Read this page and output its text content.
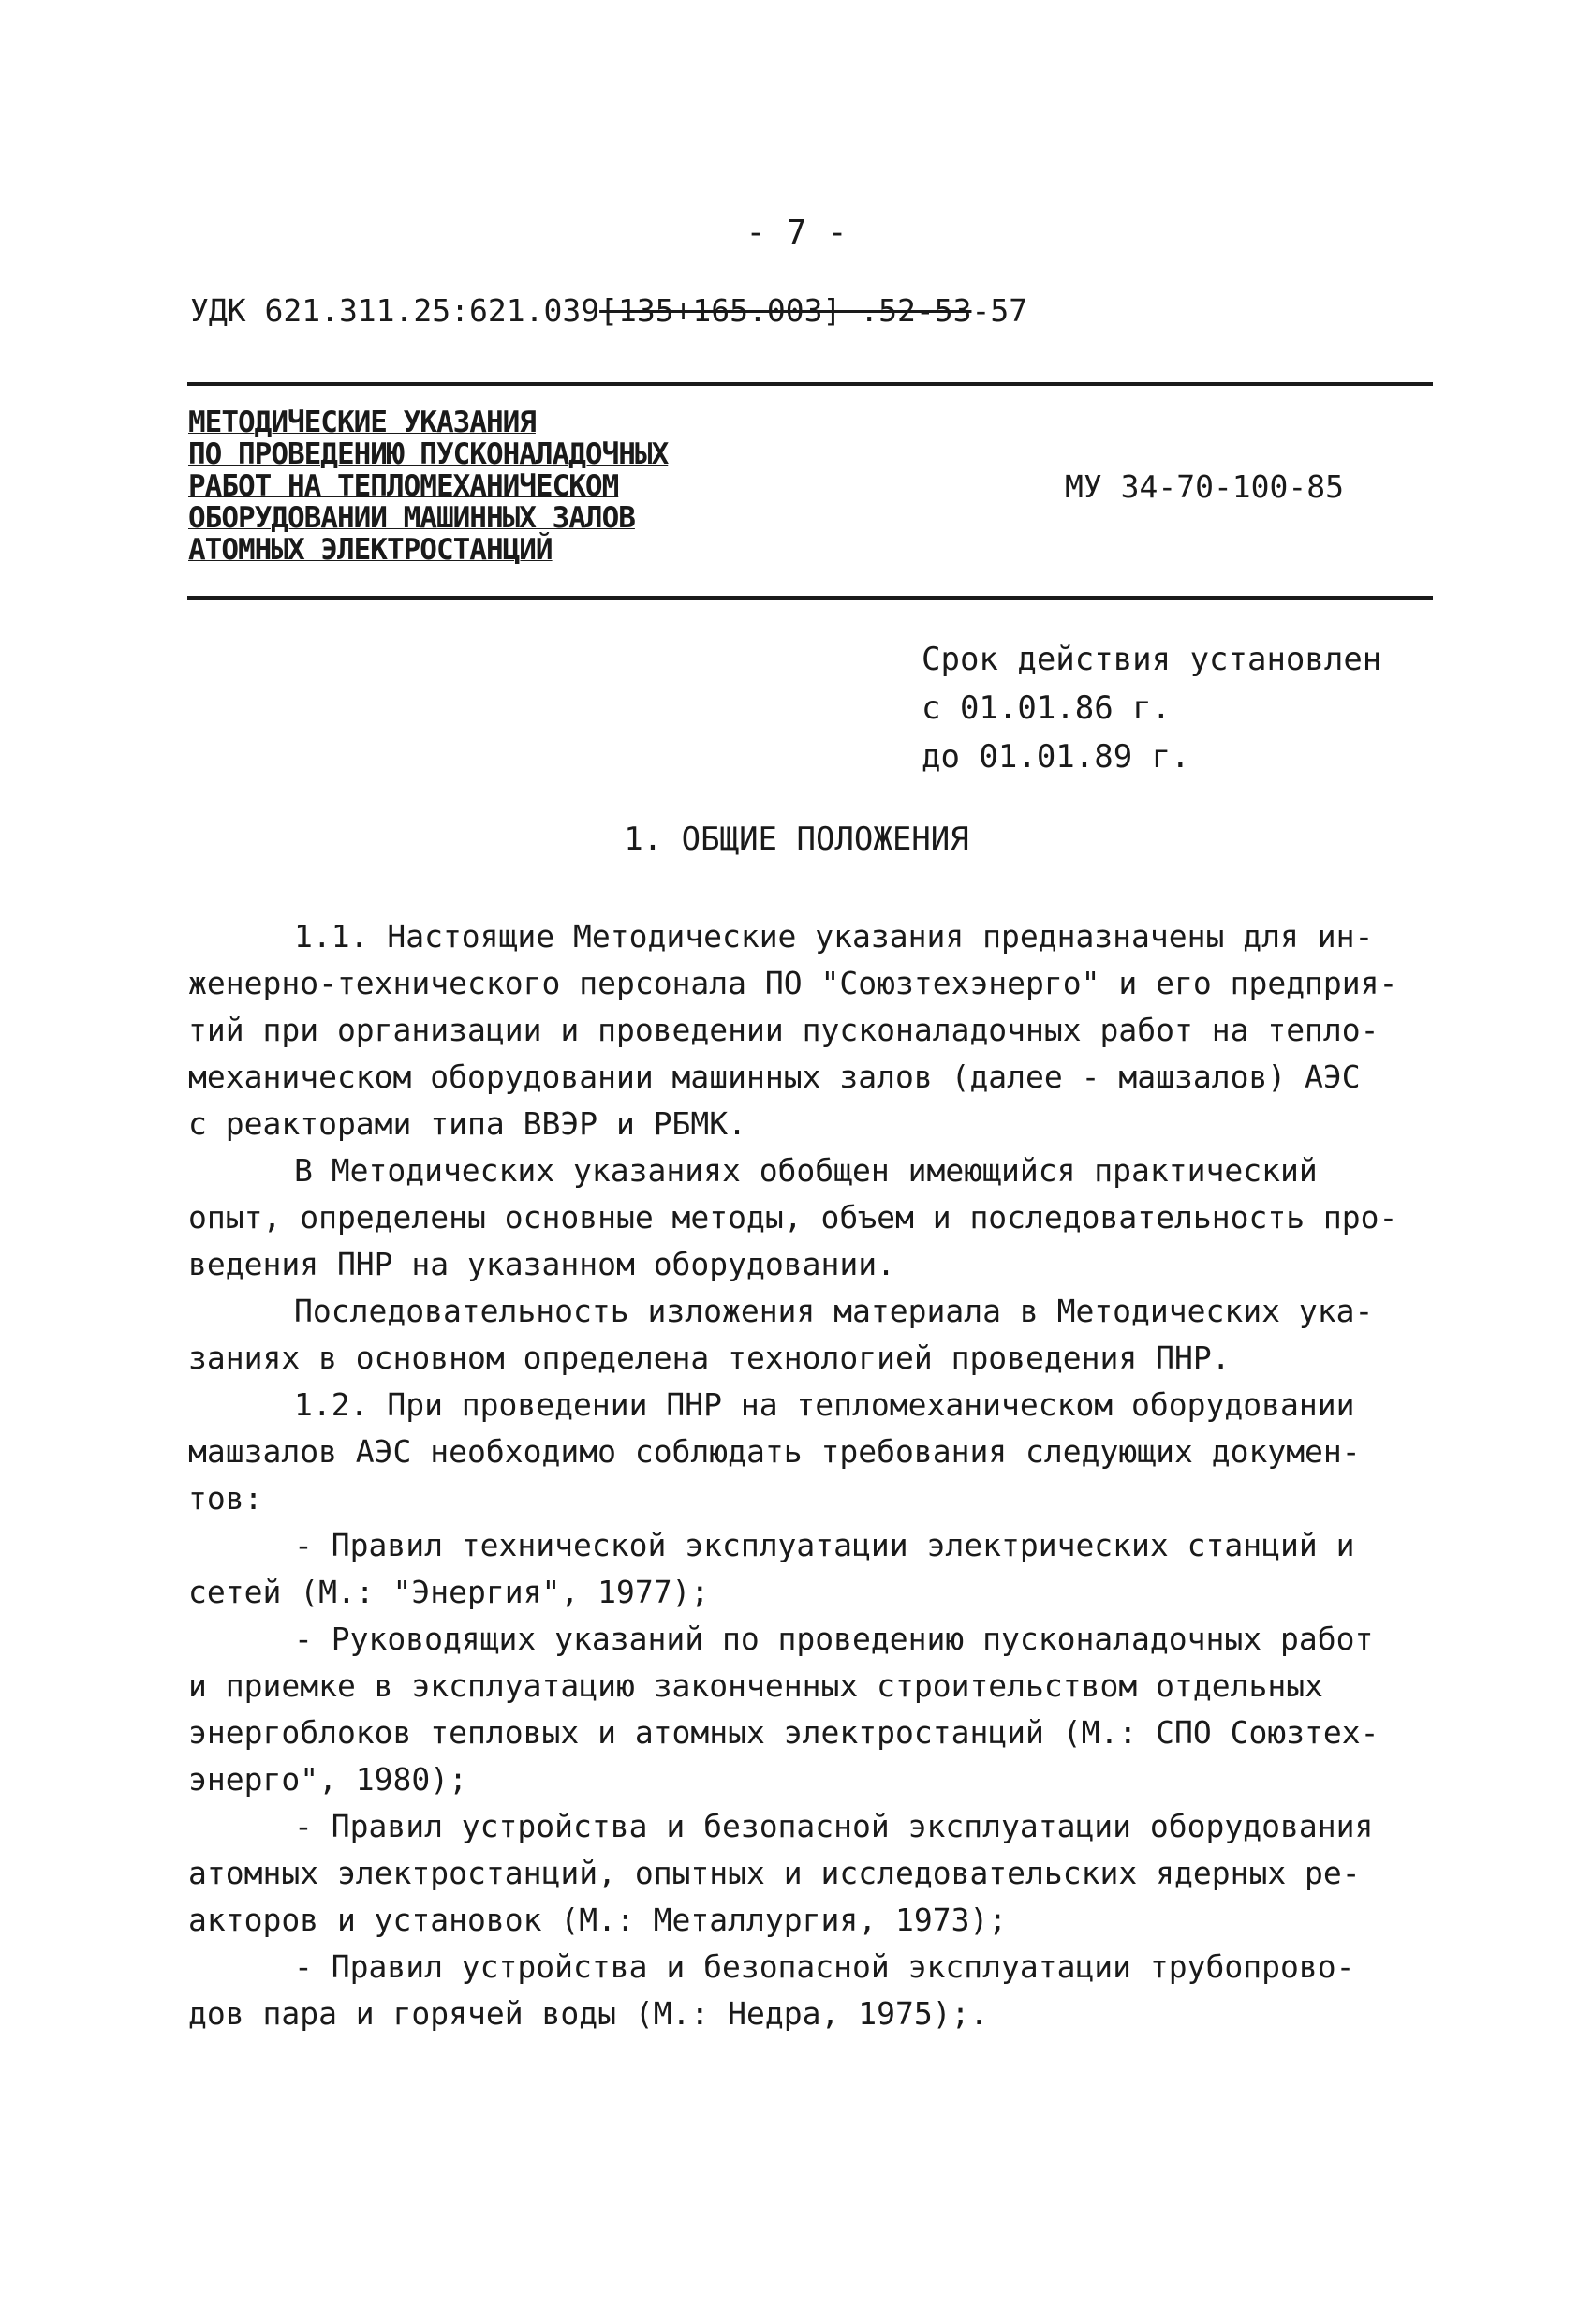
- 7 -
УДК 621.311.25:621.039[135+165.003] .52-53-57
МЕТОДИЧЕСКИЕ УКАЗАНИЯ
ПО ПРОВЕДЕНИЮ ПУСКОНАЛАДОЧНЫХ
РАБОТ НА ТЕПЛОМЕХАНИЧЕСКОМ
ОБОРУДОВАНИИ МАШИННЫХ ЗАЛОВ
АТОМНЫХ ЭЛЕКТРОСТАНЦИЙ
МУ 34-70-100-85
Срок действия установлен
с 01.01.86 г.
до 01.01.89 г.
1. ОБЩИЕ ПОЛОЖЕНИЯ
1.1. Настоящие Методические указания предназначены для ин-
женерно-технического персонала ПО "Союзтехэнерго" и его предприя-
тий при организации и проведении пусконаладочных работ на тепло-
механическом оборудовании машинных залов (далее - машзалов) АЭС
с реакторами типа ВВЭР и РБМК.
В Методических указаниях обобщен имеющийся практический
опыт, определены основные методы, объем и последовательность про-
ведения ПНР на указанном оборудовании.
Последовательность изложения материала в Методических ука-
заниях в основном определена технологией проведения ПНР.
1.2. При проведении ПНР на тепломеханическом оборудовании
машзалов АЭС необходимо соблюдать требования следующих докумен-
тов:
- Правил технической эксплуатации электрических станций и
сетей (М.: "Энергия", 1977);
- Руководящих указаний по проведению пусконаладочных работ
и приемке в эксплуатацию законченных строительством отдельных
энергоблоков тепловых и атомных электростанций (М.: СПО Союзтех-
энерго", 1980);
- Правил устройства и безопасной эксплуатации оборудования
атомных электростанций, опытных и исследовательских ядерных ре-
акторов и установок (М.: Металлургия, 1973);
- Правил устройства и безопасной эксплуатации трубопрово-
дов пара и горячей воды (М.: Недра, 1975);.
